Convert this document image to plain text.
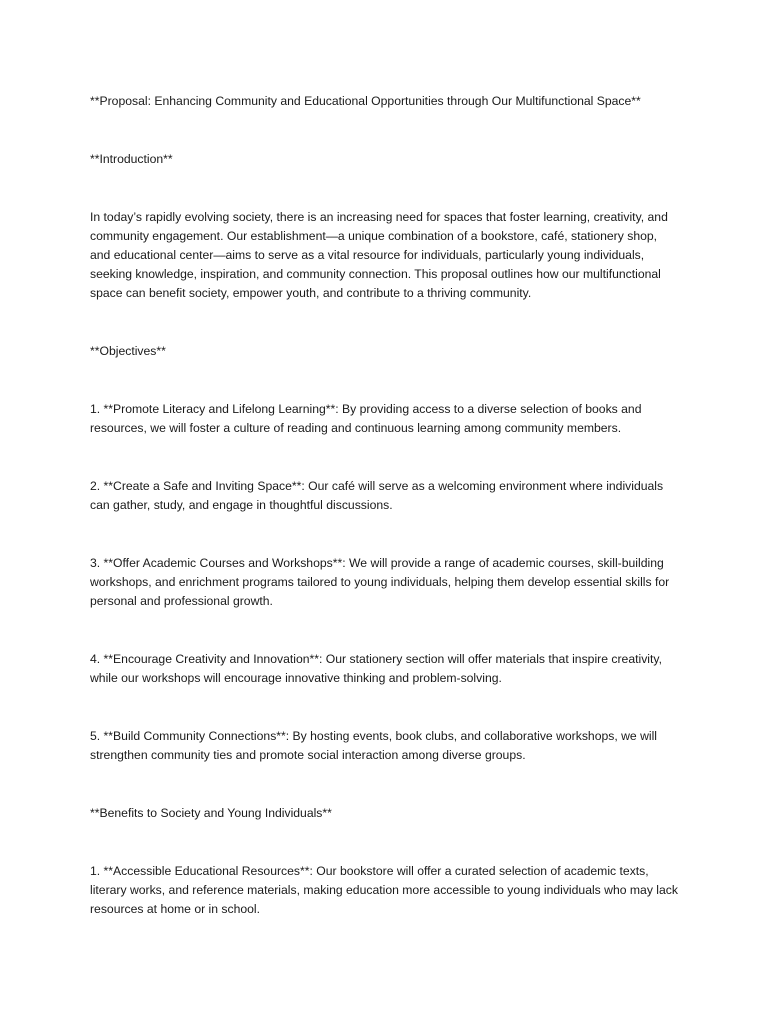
**Proposal: Enhancing Community and Educational Opportunities through Our Multifunctional Space**

**Introduction**

In today’s rapidly evolving society, there is an increasing need for spaces that foster learning, creativity, and community engagement. Our establishment—a unique combination of a bookstore, café, stationery shop, and educational center—aims to serve as a vital resource for individuals, particularly young individuals, seeking knowledge, inspiration, and community connection. This proposal outlines how our multifunctional space can benefit society, empower youth, and contribute to a thriving community.

**Objectives**

1. **Promote Literacy and Lifelong Learning**: By providing access to a diverse selection of books and resources, we will foster a culture of reading and continuous learning among community members.

2. **Create a Safe and Inviting Space**: Our café will serve as a welcoming environment where individuals can gather, study, and engage in thoughtful discussions.

3. **Offer Academic Courses and Workshops**: We will provide a range of academic courses, skill-building workshops, and enrichment programs tailored to young individuals, helping them develop essential skills for personal and professional growth.

4. **Encourage Creativity and Innovation**: Our stationery section will offer materials that inspire creativity, while our workshops will encourage innovative thinking and problem-solving.

5. **Build Community Connections**: By hosting events, book clubs, and collaborative workshops, we will strengthen community ties and promote social interaction among diverse groups.

**Benefits to Society and Young Individuals**

1. **Accessible Educational Resources**: Our bookstore will offer a curated selection of academic texts, literary works, and reference materials, making education more accessible to young individuals who may lack resources at home or in school.
